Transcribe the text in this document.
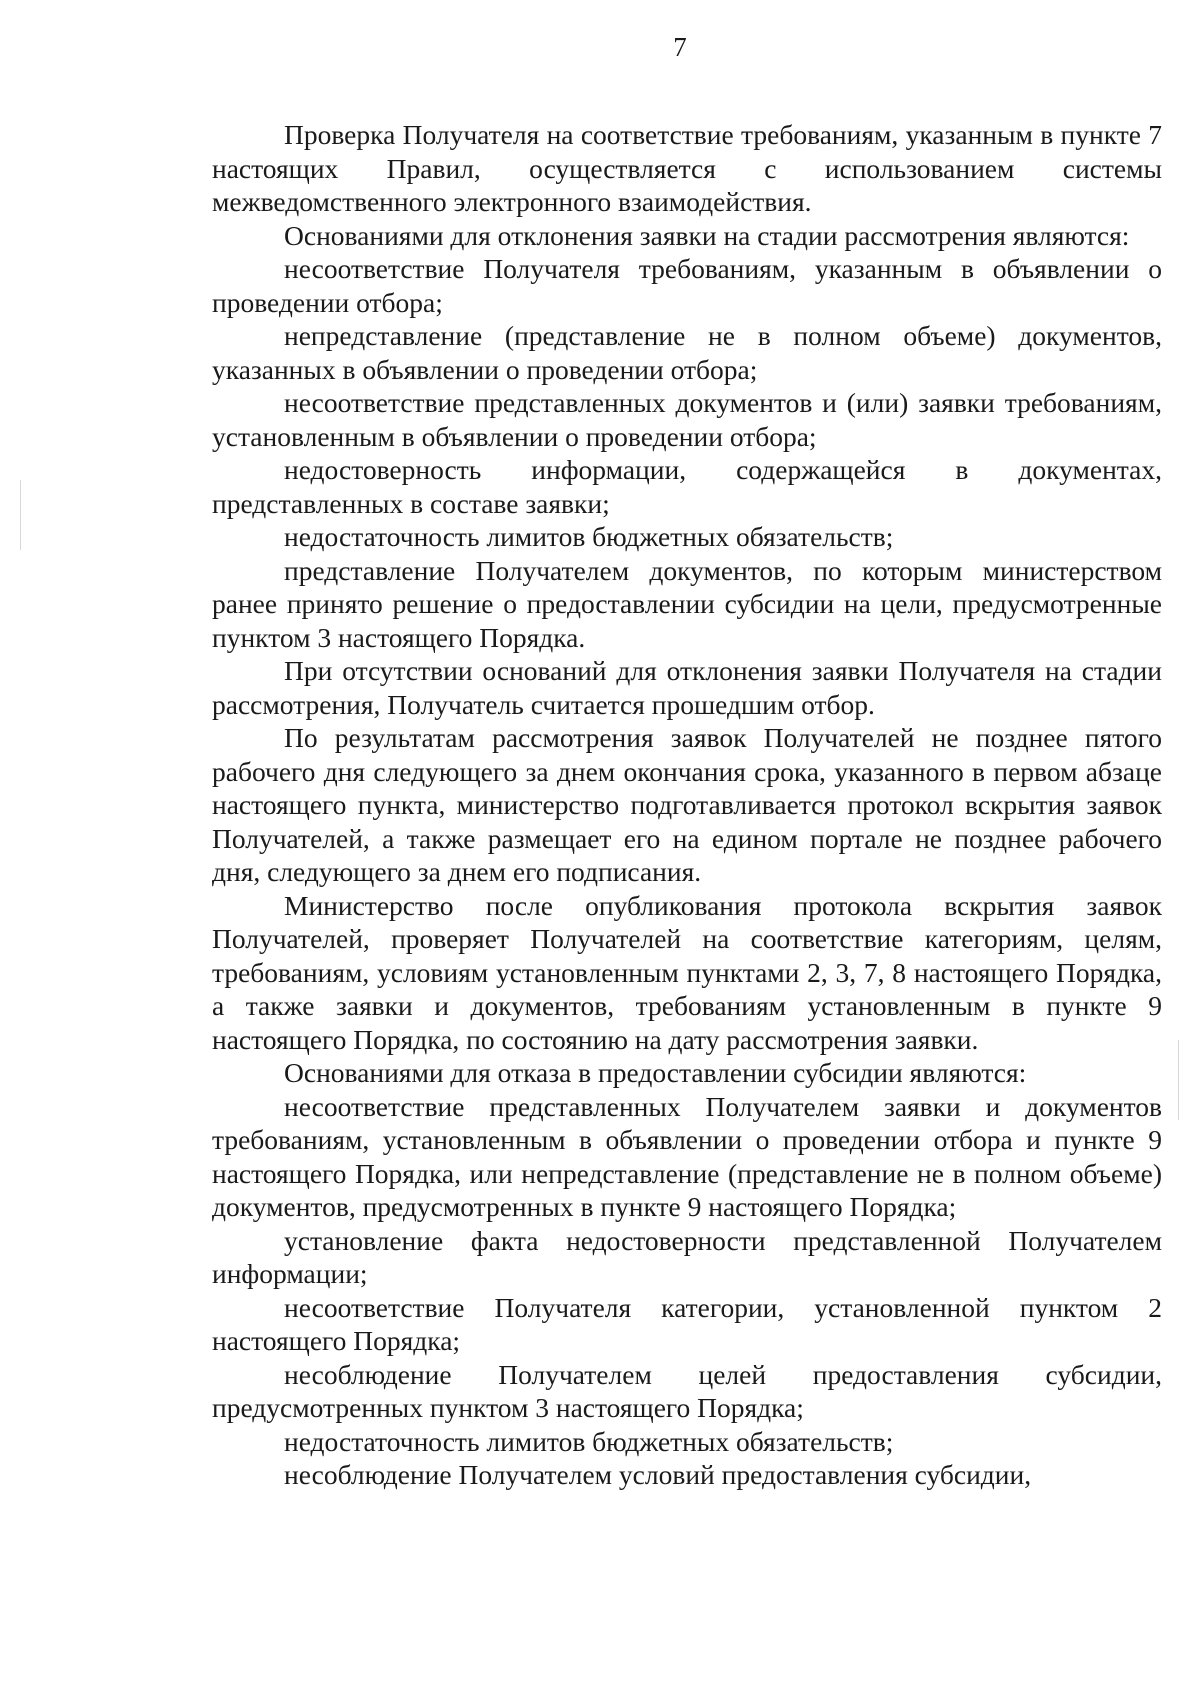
7

Проверка Получателя на соответствие требованиям, указанным в пункте 7 настоящих Правил, осуществляется с использованием системы межведомственного электронного взаимодействия.

Основаниями для отклонения заявки на стадии рассмотрения являются:

несоответствие Получателя требованиям, указанным в объявлении о проведении отбора;

непредставление (представление не в полном объеме) документов, указанных в объявлении о проведении отбора;

несоответствие представленных документов и (или) заявки требованиям, установленным в объявлении о проведении отбора;

недостоверность информации, содержащейся в документах, представленных в составе заявки;

недостаточность лимитов бюджетных обязательств;

представление Получателем документов, по которым министерством ранее принято решение о предоставлении субсидии на цели, предусмотренные пунктом 3 настоящего Порядка.

При отсутствии оснований для отклонения заявки Получателя на стадии рассмотрения, Получатель считается прошедшим отбор.

По результатам рассмотрения заявок Получателей не позднее пятого рабочего дня следующего за днем окончания срока, указанного в первом абзаце настоящего пункта, министерство подготавливается протокол вскрытия заявок Получателей, а также размещает его на едином портале не позднее рабочего дня, следующего за днем его подписания.

Министерство после опубликования протокола вскрытия заявок Получателей, проверяет Получателей на соответствие категориям, целям, требованиям, условиям установленным пунктами 2, 3, 7, 8 настоящего Порядка, а также заявки и документов, требованиям установленным в пункте 9 настоящего Порядка, по состоянию на дату рассмотрения заявки.

Основаниями для отказа в предоставлении субсидии являются:

несоответствие представленных Получателем заявки и документов требованиям, установленным в объявлении о проведении отбора и пункте 9 настоящего Порядка, или непредставление (представление не в полном объеме) документов, предусмотренных в пункте 9 настоящего Порядка;

установление факта недостоверности представленной Получателем информации;

несоответствие Получателя категории, установленной пунктом 2 настоящего Порядка;

несоблюдение Получателем целей предоставления субсидии, предусмотренных пунктом 3 настоящего Порядка;

недостаточность лимитов бюджетных обязательств;

несоблюдение Получателем условий предоставления субсидии,
